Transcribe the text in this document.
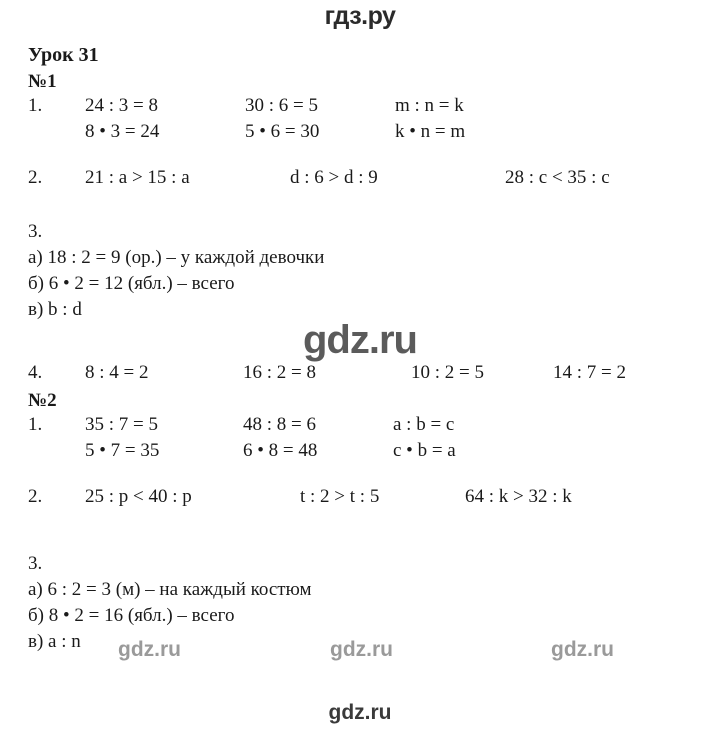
гдз.ру
Урок 31
№1
1. 24 : 3 = 8	30 : 6 = 5	m : n = k
8 • 3 = 24	5 • 6 = 30	k • n = m
2. 21 : a > 15 : a	d : 6 > d : 9	28 : c < 35 : c
3.
а) 18 : 2 = 9 (ор.) – у каждой девочки
б) 6 • 2 = 12 (ябл.) – всего
в) b : d
4. 8 : 4 = 2	16 : 2 = 8	10 : 2 = 5	14 : 7 = 2
№2
1. 35 : 7 = 5	48 : 8 = 6	a : b = c
5 • 7 = 35	6 • 8 = 48	c • b = a
2. 25 : p < 40 : p	t : 2 > t : 5	64 : k > 32 : k
3.
а) 6 : 2 = 3 (м) – на каждый костюм
б) 8 • 2 = 16 (ябл.) – всего
в) a : n
gdz.ru
gdz.ru	gdz.ru	gdz.ru
gdz.ru
